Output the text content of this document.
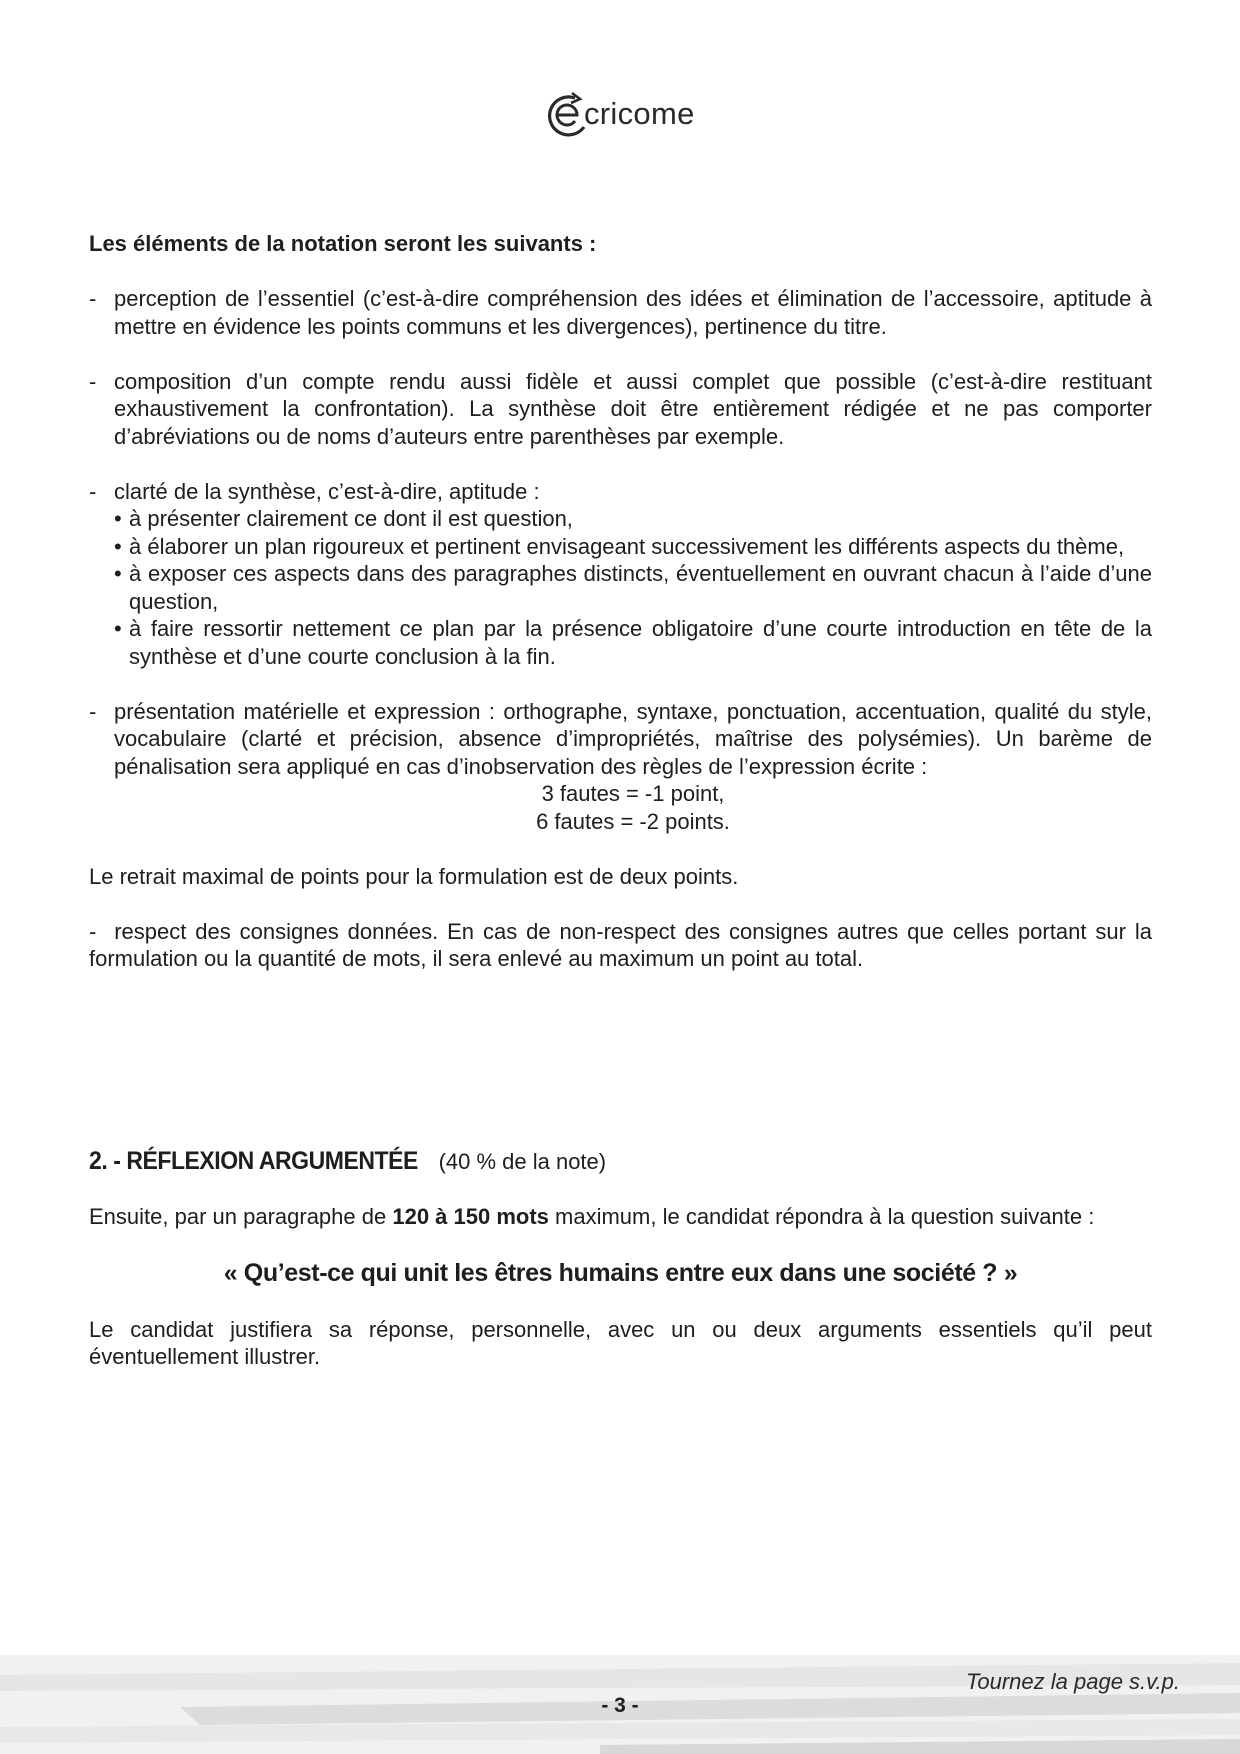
cricome

Les éléments de la notation seront les suivants :

- perception de l’essentiel (c’est-à-dire compréhension des idées et élimination de l’accessoire, aptitude à mettre en évidence les points communs et les divergences), pertinence du titre.
- composition d’un compte rendu aussi fidèle et aussi complet que possible (c’est-à-dire restituant exhaustivement la confrontation). La synthèse doit être entièrement rédigée et ne pas comporter d’abréviations ou de noms d’auteurs entre parenthèses par exemple.
- clarté de la synthèse, c’est-à-dire, aptitude :
• à présenter clairement ce dont il est question,
• à élaborer un plan rigoureux et pertinent envisageant successivement les différents aspects du thème,
• à exposer ces aspects dans des paragraphes distincts, éventuellement en ouvrant chacun à l’aide d’une question,
• à faire ressortir nettement ce plan par la présence obligatoire d’une courte introduction en tête de la synthèse et d’une courte conclusion à la fin.
- présentation matérielle et expression : orthographe, syntaxe, ponctuation, accentuation, qualité du style, vocabulaire (clarté et précision, absence d’impropriétés, maîtrise des polysémies). Un barème de pénalisation sera appliqué en cas d’inobservation des règles de l’expression écrite :
3 fautes = -1 point,
6 fautes = -2 points.

Le retrait maximal de points pour la formulation est de deux points.

-  respect des consignes données. En cas de non-respect des consignes autres que celles portant sur la formulation ou la quantité de mots, il sera enlevé au maximum un point au total.

2. - RÉFLEXION ARGUMENTÉE (40 % de la note)

Ensuite, par un paragraphe de 120 à 150 mots maximum, le candidat répondra à la question suivante :

« Qu’est-ce qui unit les êtres humains entre eux dans une société ? »

Le candidat justifiera sa réponse, personnelle, avec un ou deux arguments essentiels qu’il peut éventuellement illustrer.

Tournez la page s.v.p.
- 3 -
